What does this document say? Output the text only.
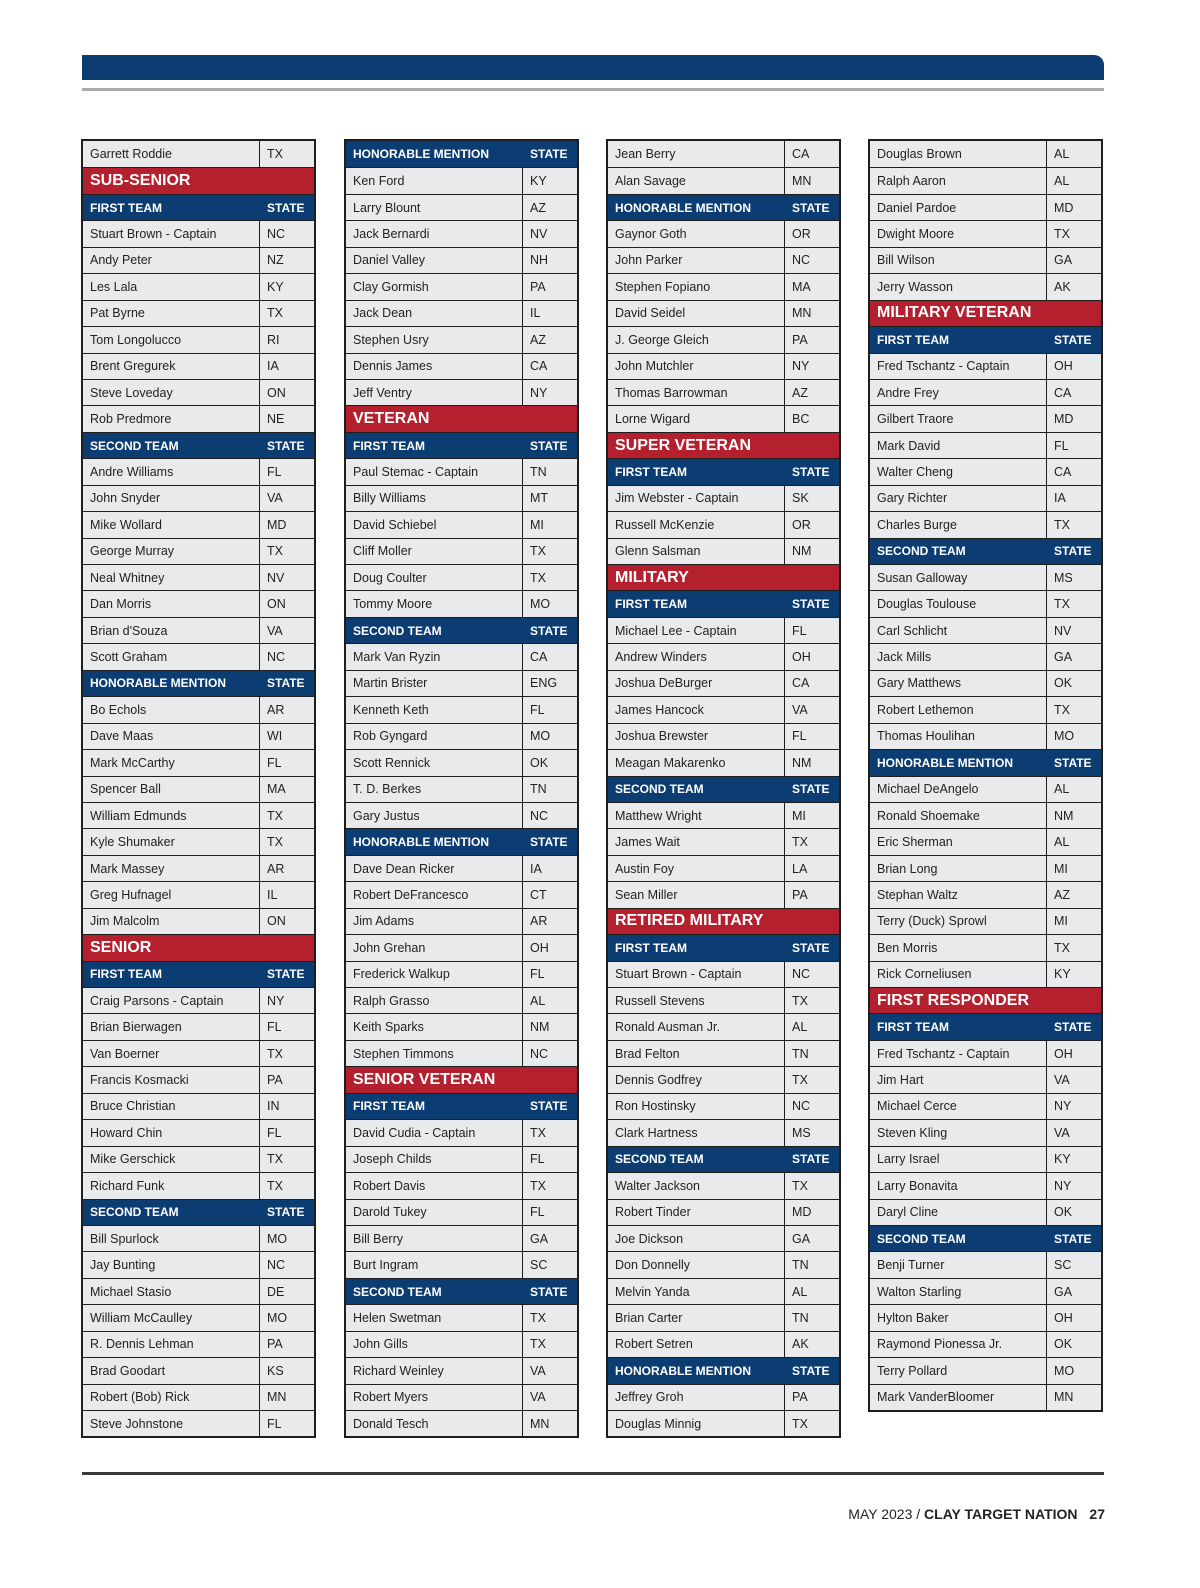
Garrett Roddie	TX
SUB-SENIOR
FIRST TEAM	STATE
Stuart Brown - Captain	NC
Andy Peter	NZ
Les Lala	KY
Pat Byrne	TX
Tom Longolucco	RI
Brent Gregurek	IA
Steve Loveday	ON
Rob Predmore	NE
SECOND TEAM	STATE
Andre Williams	FL
John Snyder	VA
Mike Wollard	MD
George Murray	TX
Neal Whitney	NV
Dan Morris	ON
Brian d'Souza	VA
Scott Graham	NC
HONORABLE MENTION	STATE
Bo Echols	AR
Dave Maas	WI
Mark McCarthy	FL
Spencer Ball	MA
William Edmunds	TX
Kyle Shumaker	TX
Mark Massey	AR
Greg Hufnagel	IL
Jim Malcolm	ON
SENIOR
FIRST TEAM	STATE
Craig Parsons - Captain	NY
Brian Bierwagen	FL
Van Boerner	TX
Francis Kosmacki	PA
Bruce Christian	IN
Howard Chin	FL
Mike Gerschick	TX
Richard Funk	TX
SECOND TEAM	STATE
Bill Spurlock	MO
Jay Bunting	NC
Michael Stasio	DE
William McCaulley	MO
R. Dennis Lehman	PA
Brad Goodart	KS
Robert (Bob) Rick	MN
Steve Johnstone	FL
HONORABLE MENTION	STATE
Ken Ford	KY
Larry Blount	AZ
Jack Bernardi	NV
Daniel Valley	NH
Clay Gormish	PA
Jack Dean	IL
Stephen Usry	AZ
Dennis James	CA
Jeff Ventry	NY
VETERAN
FIRST TEAM	STATE
Paul Stemac - Captain	TN
Billy Williams	MT
David Schiebel	MI
Cliff Moller	TX
Doug Coulter	TX
Tommy Moore	MO
SECOND TEAM	STATE
Mark Van Ryzin	CA
Martin Brister	ENG
Kenneth Keth	FL
Rob Gyngard	MO
Scott Rennick	OK
T. D. Berkes	TN
Gary Justus	NC
HONORABLE MENTION	STATE
Dave Dean Ricker	IA
Robert DeFrancesco	CT
Jim Adams	AR
John Grehan	OH
Frederick Walkup	FL
Ralph Grasso	AL
Keith Sparks	NM
Stephen Timmons	NC
SENIOR VETERAN
FIRST TEAM	STATE
David Cudia - Captain	TX
Joseph Childs	FL
Robert Davis	TX
Darold Tukey	FL
Bill Berry	GA
Burt Ingram	SC
SECOND TEAM	STATE
Helen Swetman	TX
John Gills	TX
Richard Weinley	VA
Robert Myers	VA
Donald Tesch	MN
Jean Berry	CA
Alan Savage	MN
HONORABLE MENTION	STATE
Gaynor Goth	OR
John Parker	NC
Stephen Fopiano	MA
David Seidel	MN
J. George Gleich	PA
John Mutchler	NY
Thomas Barrowman	AZ
Lorne Wigard	BC
SUPER VETERAN
FIRST TEAM	STATE
Jim Webster - Captain	SK
Russell McKenzie	OR
Glenn Salsman	NM
MILITARY
FIRST TEAM	STATE
Michael Lee - Captain	FL
Andrew Winders	OH
Joshua DeBurger	CA
James Hancock	VA
Joshua Brewster	FL
Meagan Makarenko	NM
SECOND TEAM	STATE
Matthew Wright	MI
James Wait	TX
Austin Foy	LA
Sean Miller	PA
RETIRED MILITARY
FIRST TEAM	STATE
Stuart Brown - Captain	NC
Russell Stevens	TX
Ronald Ausman Jr.	AL
Brad Felton	TN
Dennis Godfrey	TX
Ron Hostinsky	NC
Clark Hartness	MS
SECOND TEAM	STATE
Walter Jackson	TX
Robert Tinder	MD
Joe Dickson	GA
Don Donnelly	TN
Melvin Yanda	AL
Brian Carter	TN
Robert Setren	AK
HONORABLE MENTION	STATE
Jeffrey Groh	PA
Douglas Minnig	TX
Douglas Brown	AL
Ralph Aaron	AL
Daniel Pardoe	MD
Dwight Moore	TX
Bill Wilson	GA
Jerry Wasson	AK
MILITARY VETERAN
FIRST TEAM	STATE
Fred Tschantz - Captain	OH
Andre Frey	CA
Gilbert Traore	MD
Mark David	FL
Walter Cheng	CA
Gary Richter	IA
Charles Burge	TX
SECOND TEAM	STATE
Susan Galloway	MS
Douglas Toulouse	TX
Carl Schlicht	NV
Jack Mills	GA
Gary Matthews	OK
Robert Lethemon	TX
Thomas Houlihan	MO
HONORABLE MENTION	STATE
Michael DeAngelo	AL
Ronald Shoemake	NM
Eric Sherman	AL
Brian Long	MI
Stephan Waltz	AZ
Terry (Duck) Sprowl	MI
Ben Morris	TX
Rick Corneliusen	KY
FIRST RESPONDER
FIRST TEAM	STATE
Fred Tschantz - Captain	OH
Jim Hart	VA
Michael Cerce	NY
Steven Kling	VA
Larry Israel	KY
Larry Bonavita	NY
Daryl Cline	OK
SECOND TEAM	STATE
Benji Turner	SC
Walton Starling	GA
Hylton Baker	OH
Raymond Pionessa Jr.	OK
Terry Pollard	MO
Mark VanderBloomer	MN
MAY 2023 / CLAY TARGET NATION 27
